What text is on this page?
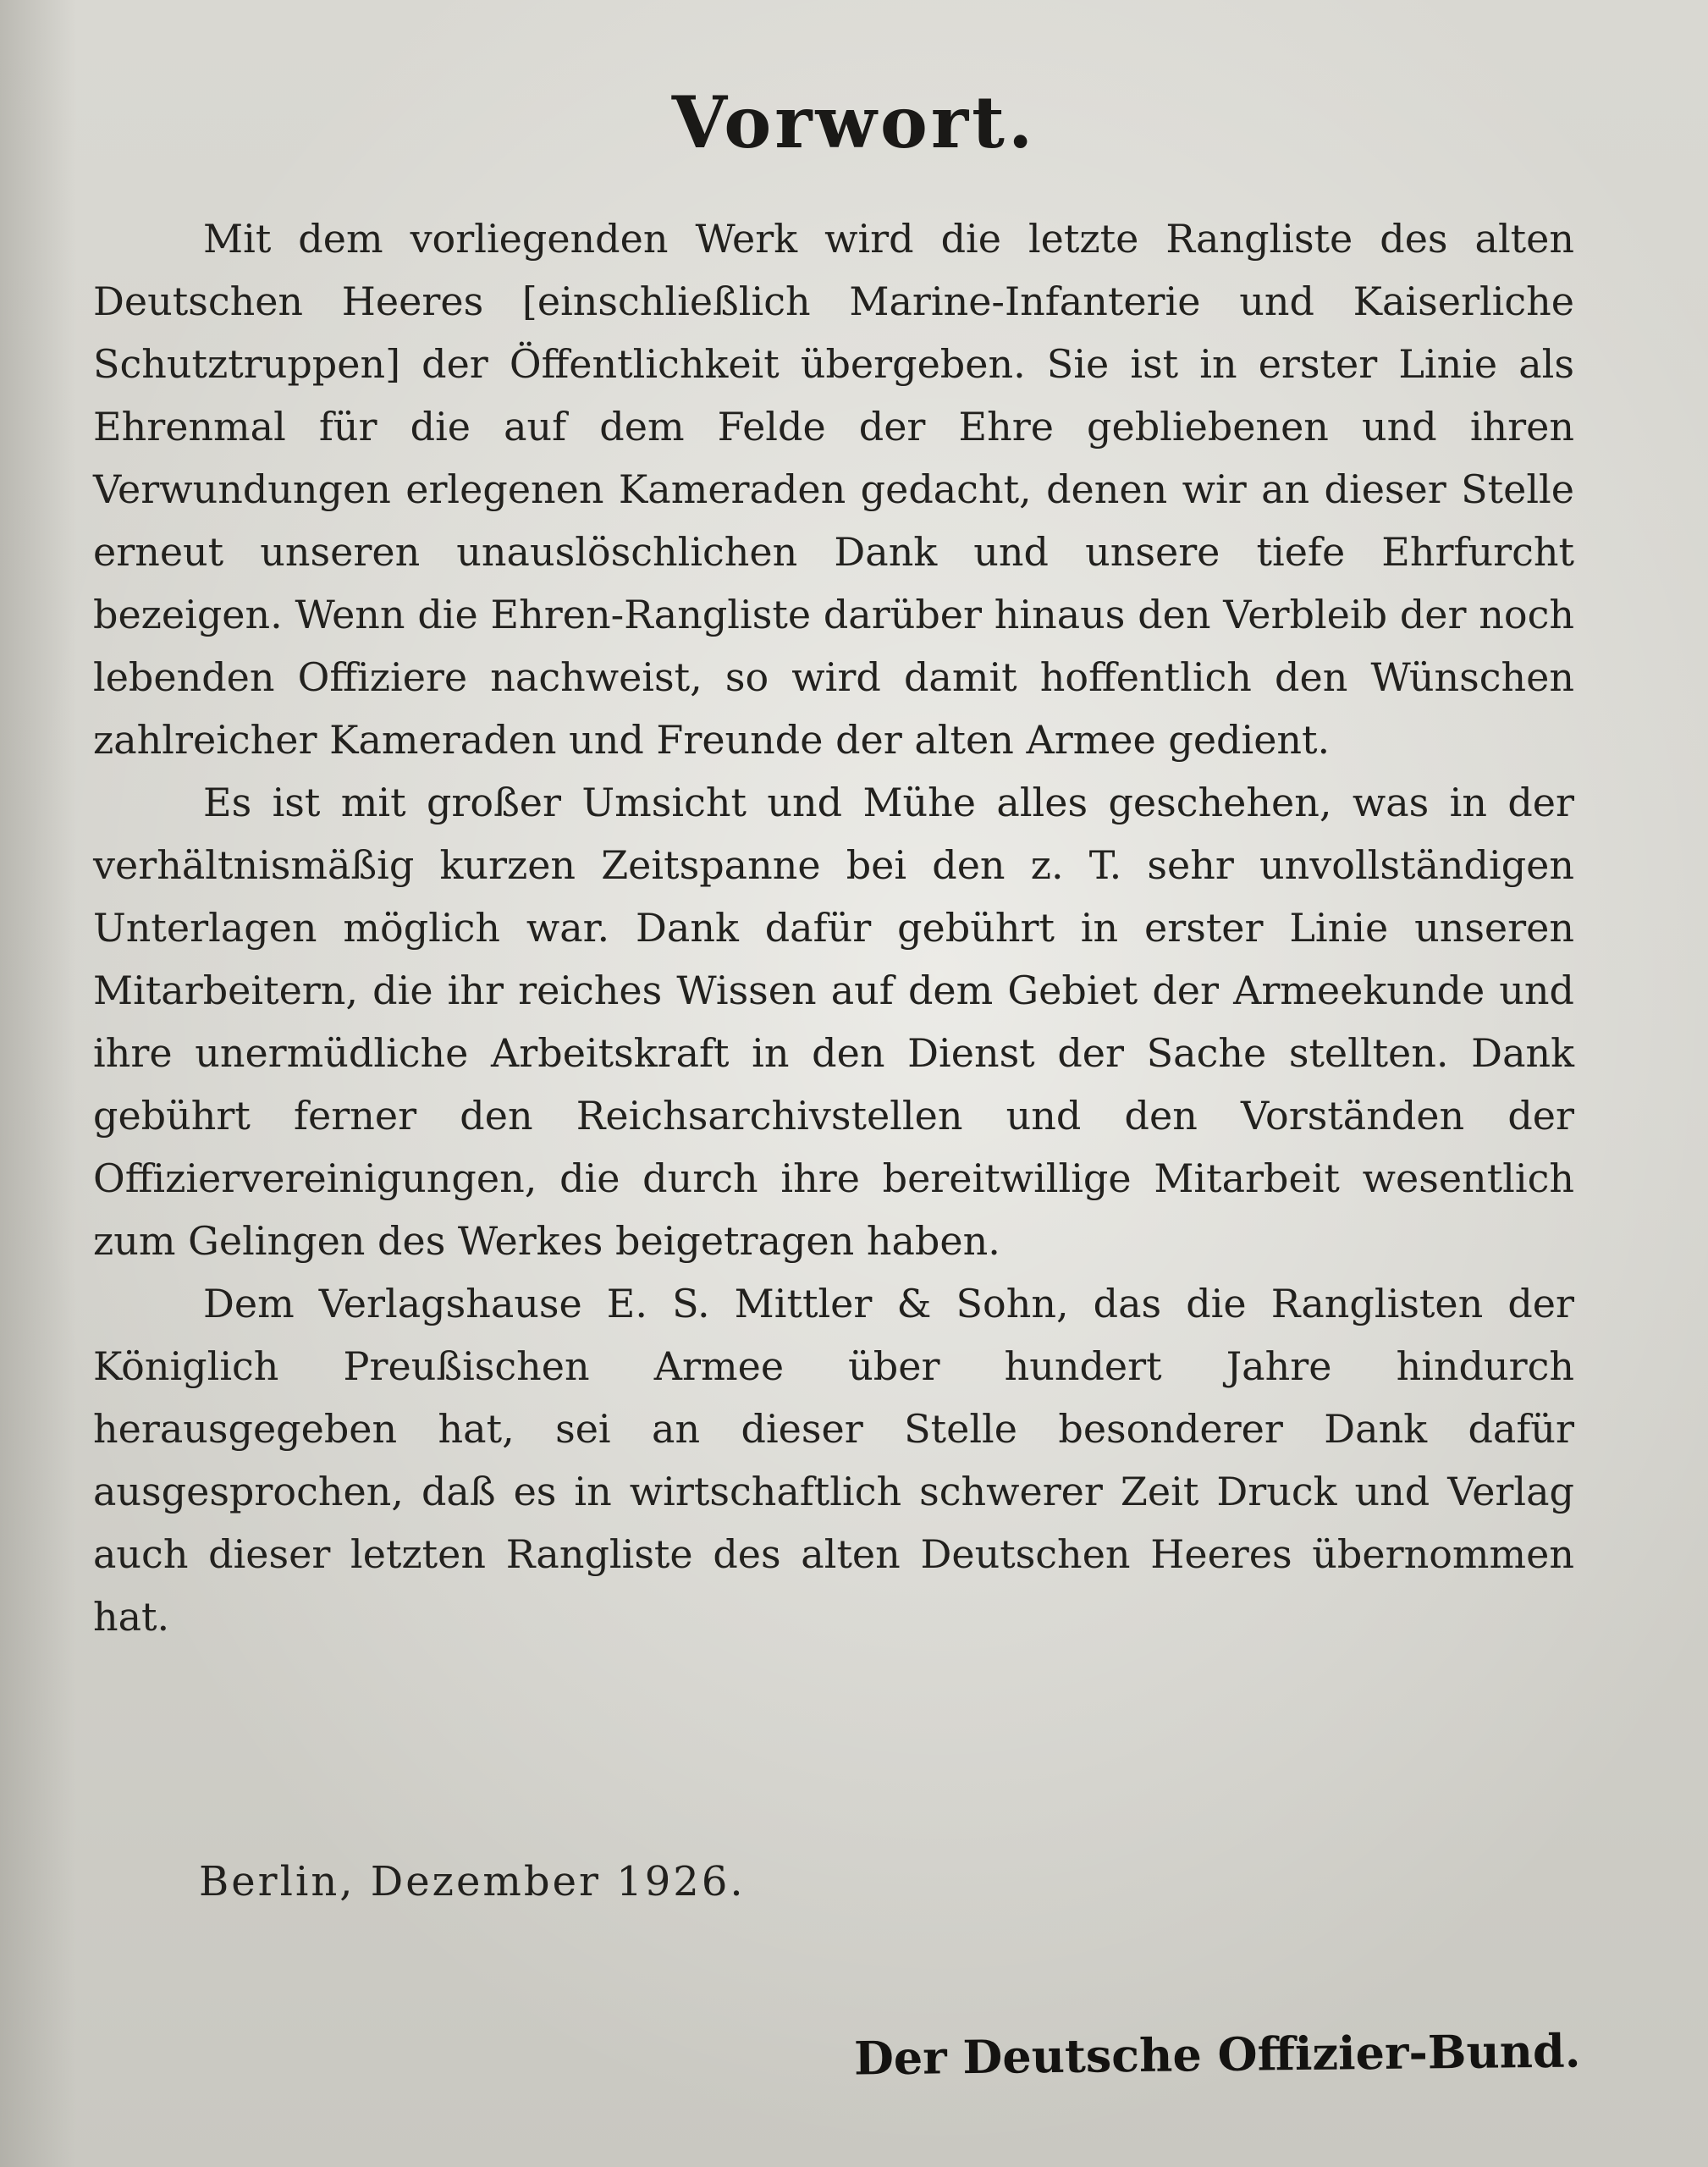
Vorwort.

Mit dem vorliegenden Werk wird die letzte Rangliste des alten Deutschen Heeres [einschließlich Marine-Infanterie und Kaiserliche Schutztruppen] der Öffentlichkeit übergeben. Sie ist in erster Linie als Ehrenmal für die auf dem Felde der Ehre gebliebenen und ihren Verwundungen erlegenen Kameraden gedacht, denen wir an dieser Stelle erneut unseren unauslöschlichen Dank und unsere tiefe Ehrfurcht bezeigen. Wenn die Ehren-Rangliste darüber hinaus den Verbleib der noch lebenden Offiziere nachweist, so wird damit hoffentlich den Wünschen zahlreicher Kameraden und Freunde der alten Armee gedient.

Es ist mit großer Umsicht und Mühe alles geschehen, was in der verhältnismäßig kurzen Zeitspanne bei den z. T. sehr unvollständigen Unterlagen möglich war. Dank dafür gebührt in erster Linie unseren Mitarbeitern, die ihr reiches Wissen auf dem Gebiet der Armeekunde und ihre unermüdliche Arbeitskraft in den Dienst der Sache stellten. Dank gebührt ferner den Reichsarchivstellen und den Vorständen der Offiziervereinigungen, die durch ihre bereitwillige Mitarbeit wesentlich zum Gelingen des Werkes beigetragen haben.

Dem Verlagshause E. S. Mittler & Sohn, das die Ranglisten der Königlich Preußischen Armee über hundert Jahre hindurch herausgegeben hat, sei an dieser Stelle besonderer Dank dafür ausgesprochen, daß es in wirtschaftlich schwerer Zeit Druck und Verlag auch dieser letzten Rangliste des alten Deutschen Heeres übernommen hat.

Berlin, Dezember 1926.
Der Deutsche Offizier-Bund.
